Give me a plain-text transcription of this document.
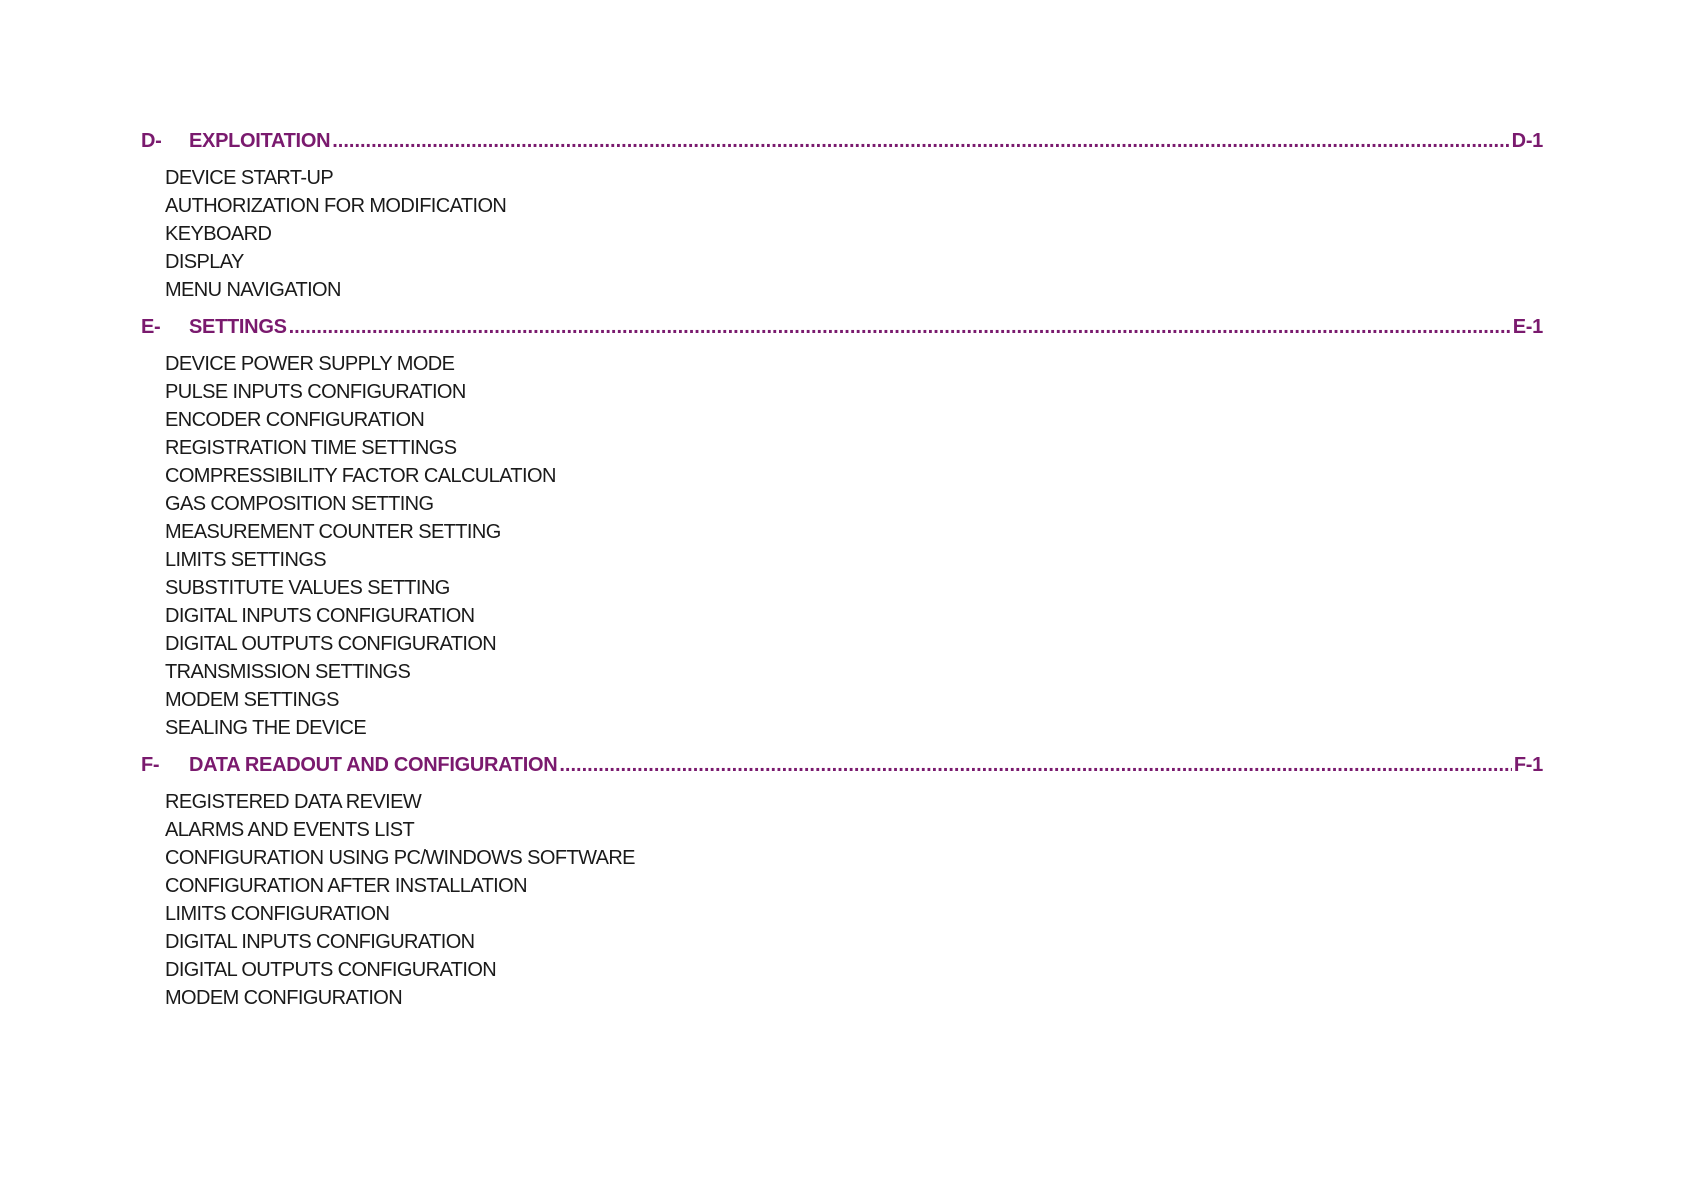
D-	EXPLOITATION .....	D-1
DEVICE START-UP
AUTHORIZATION FOR MODIFICATION
KEYBOARD
DISPLAY
MENU NAVIGATION
E-	SETTINGS .....	E-1
DEVICE POWER SUPPLY MODE
PULSE INPUTS CONFIGURATION
ENCODER CONFIGURATION
REGISTRATION TIME SETTINGS
COMPRESSIBILITY FACTOR CALCULATION
GAS COMPOSITION SETTING
MEASUREMENT COUNTER SETTING
LIMITS SETTINGS
SUBSTITUTE VALUES SETTING
DIGITAL INPUTS CONFIGURATION
DIGITAL OUTPUTS CONFIGURATION
TRANSMISSION SETTINGS
MODEM SETTINGS
SEALING THE DEVICE
F-	DATA READOUT AND CONFIGURATION .....	F-1
REGISTERED DATA REVIEW
ALARMS AND EVENTS LIST
CONFIGURATION USING PC/WINDOWS SOFTWARE
CONFIGURATION AFTER INSTALLATION
LIMITS CONFIGURATION
DIGITAL INPUTS CONFIGURATION
DIGITAL OUTPUTS CONFIGURATION
MODEM CONFIGURATION
